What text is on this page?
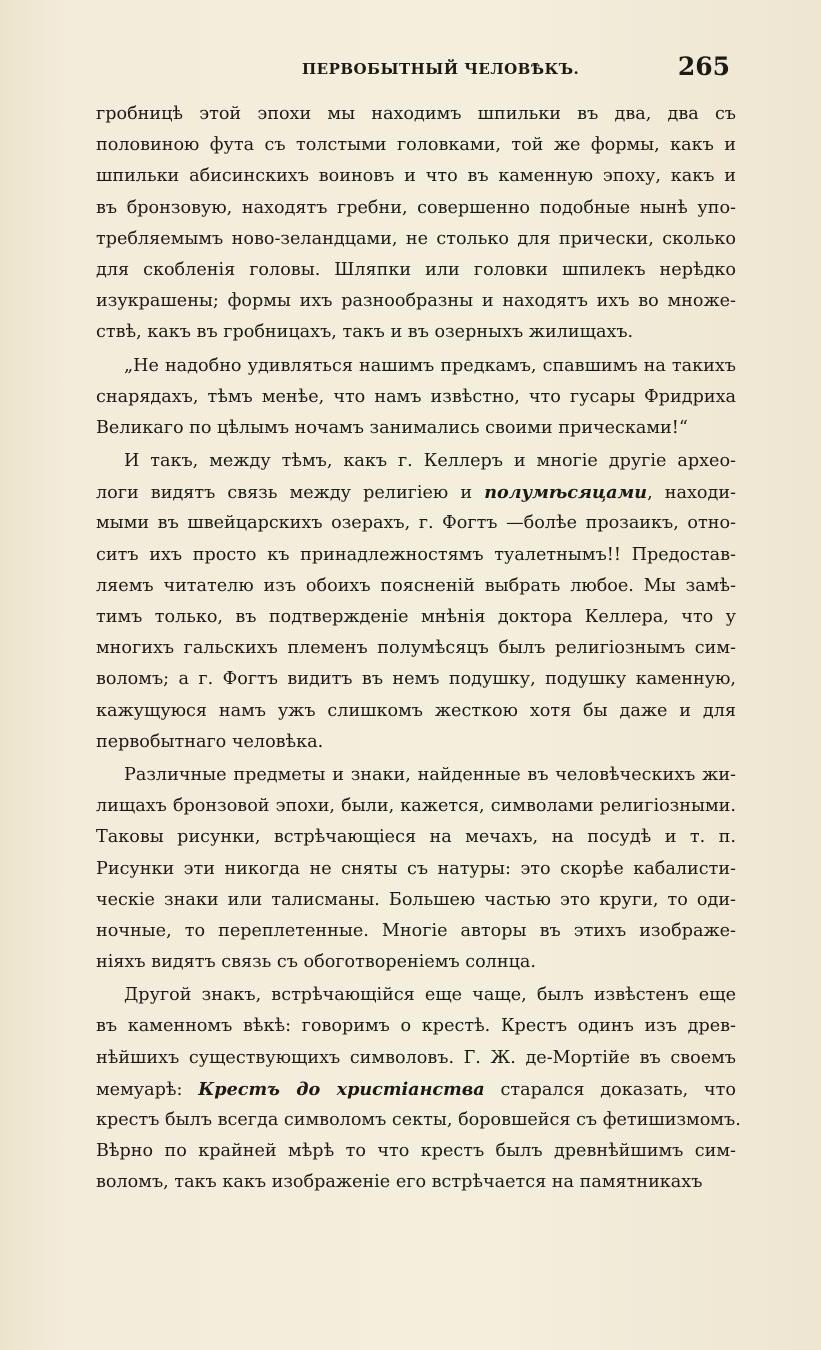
ПЕРВОБЫТНЫЙ ЧЕЛОВѢКЪ.	265
гробницѣ этой эпохи мы находимъ шпильки въ два, два съ
половиною фута съ толстыми головками, той же формы, какъ и
шпильки абисинскихъ воиновъ и что въ каменную эпоху, какъ и
въ бронзовую, находятъ гребни, совершенно подобные нынѣ упо-
требляемымъ ново-зеландцами, не столько для прически, сколько
для скобленія головы. Шляпки или головки шпилекъ нерѣдко
изукрашены; формы ихъ разнообразны и находятъ ихъ во множе-
ствѣ, какъ въ гробницахъ, такъ и въ озерныхъ жилищахъ.
„Не надобно удивляться нашимъ предкамъ, спавшимъ на такихъ
снарядахъ, тѣмъ менѣе, что намъ извѣстно, что гусары Фридриха
Великаго по цѣлымъ ночамъ занимались своими прическами!“
И такъ, между тѣмъ, какъ г. Келлеръ и многіе другіе архео-
логи видятъ связь между религіею и полумѣсяцами, находи-
мыми въ швейцарскихъ озерахъ, г. Фогтъ —болѣе прозаикъ, отно-
ситъ ихъ просто къ принадлежностямъ туалетнымъ!! Предостав-
ляемъ читателю изъ обоихъ поясненій выбрать любое. Мы замѣ-
тимъ только, въ подтвержденіе мнѣнія доктора Келлера, что у
многихъ гальскихъ племенъ полумѣсяцъ былъ религіознымъ сим-
воломъ; а г. Фогтъ видитъ въ немъ подушку, подушку каменную,
кажущуюся намъ ужъ слишкомъ жесткою хотя бы даже и для
первобытнаго человѣка.
Различные предметы и знаки, найденные въ человѣческихъ жи-
лищахъ бронзовой эпохи, были, кажется, символами религіозными.
Таковы рисунки, встрѣчающіеся на мечахъ, на посудѣ и т. п.
Рисунки эти никогда не сняты съ натуры: это скорѣе кабалисти-
ческіе знаки или талисманы. Большею частью это круги, то оди-
ночные, то переплетенные. Многіе авторы въ этихъ изображе-
ніяхъ видятъ связь съ обоготвореніемъ солнца.
Другой знакъ, встрѣчающійся еще чаще, былъ извѣстенъ еще
въ каменномъ вѣкѣ: говоримъ о крестѣ. Крестъ одинъ изъ древ-
нѣйшихъ существующихъ символовъ. Г. Ж. де-Мортійе въ своемъ
мемуарѣ: Крестъ до христіанства старался доказать, что
крестъ былъ всегда символомъ секты, боровшейся съ фетишизмомъ.
Вѣрно по крайней мѣрѣ то что крестъ былъ древнѣйшимъ сим-
воломъ, такъ какъ изображеніе его встрѣчается на памятникахъ
